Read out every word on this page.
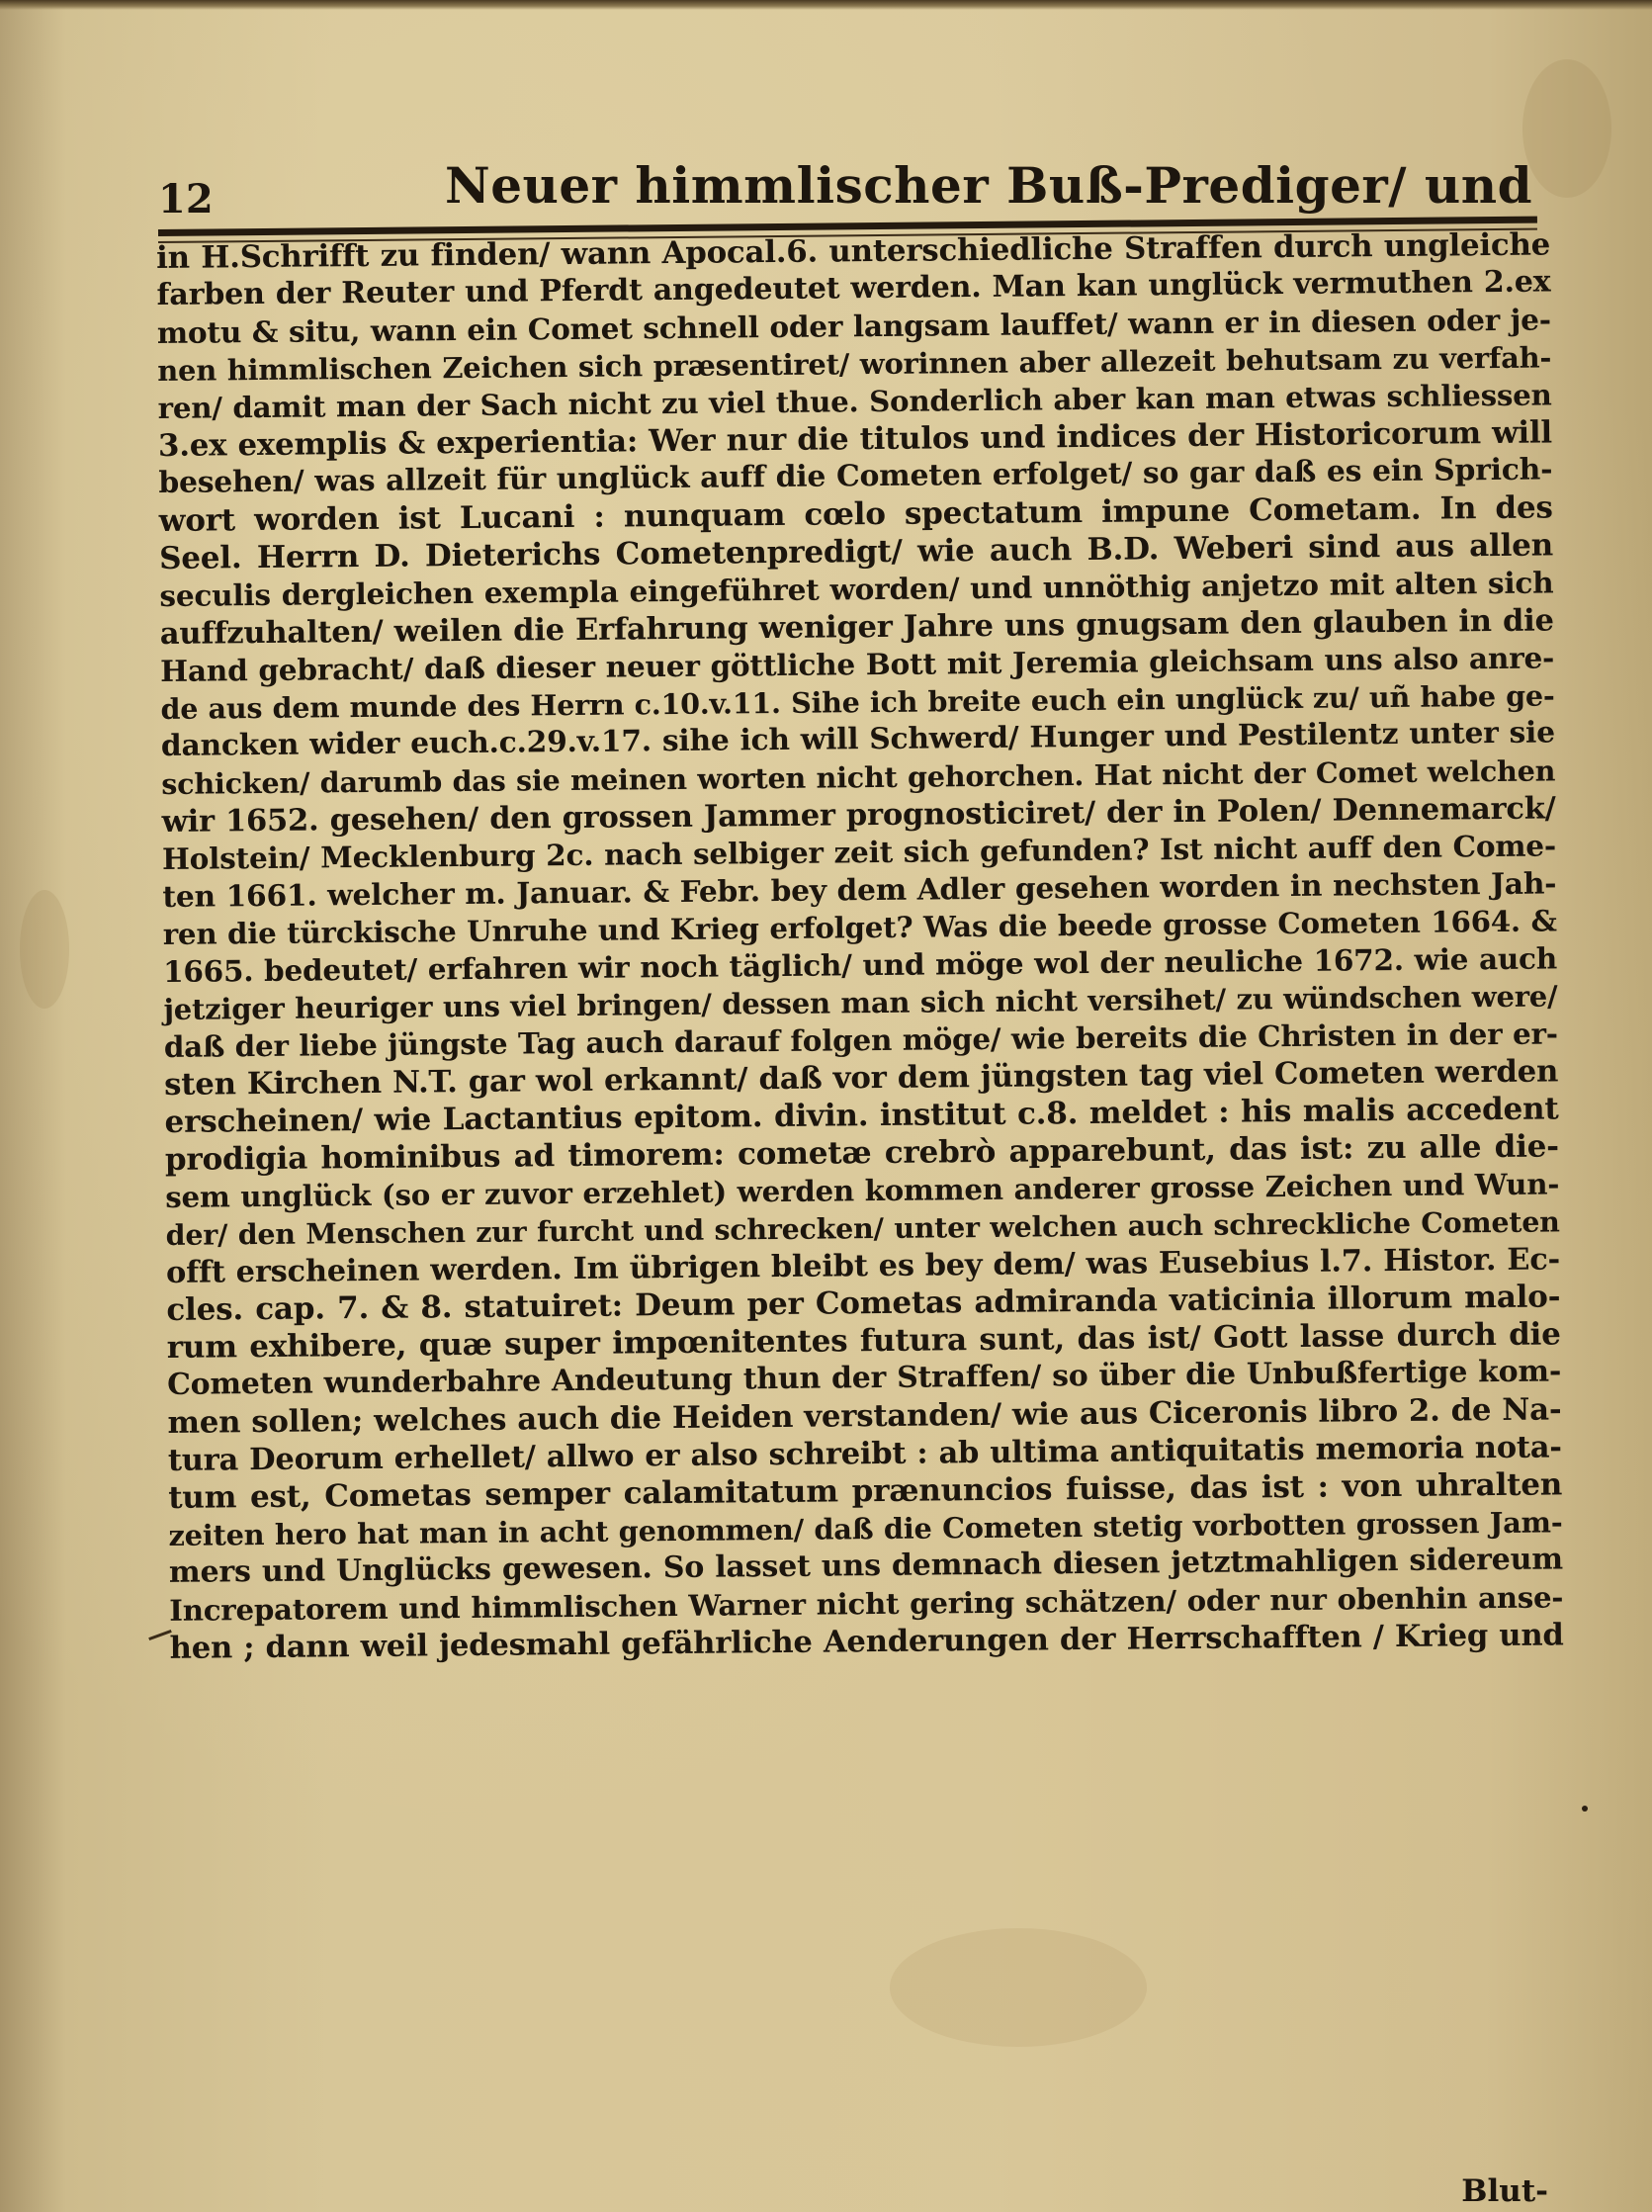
12	Neuer himmlischer Buß-Prediger/ und
in H.Schrifft zu finden/ wann Apocal.6. unterschiedliche Straffen durch ungleiche
farben der Reuter und Pferdt angedeutet werden. Man kan unglück vermuthen 2.ex
motu & situ, wann ein Comet schnell oder langsam lauffet/ wann er in diesen oder je-
nen himmlischen Zeichen sich præsentiret/ worinnen aber allezeit behutsam zu verfah-
ren/ damit man der Sach nicht zu viel thue. Sonderlich aber kan man etwas schliessen
3.ex exemplis & experientia: Wer nur die titulos und indices der Historicorum will
besehen/ was allzeit für unglück auff die Cometen erfolget/ so gar daß es ein Sprich-
wort worden ist Lucani : nunquam cœlo spectatum impune Cometam. In des
Seel. Herrn D. Dieterichs Cometenpredigt/ wie auch B.D. Weberi sind aus allen
seculis dergleichen exempla eingeführet worden/ und unnöthig anjetzo mit alten sich
auffzuhalten/ weilen die Erfahrung weniger Jahre uns gnugsam den glauben in die
Hand gebracht/ daß dieser neuer göttliche Bott mit Jeremia gleichsam uns also anre-
de aus dem munde des Herrn c.10.v.11. Sihe ich breite euch ein unglück zu/ uñ habe ge-
dancken wider euch.c.29.v.17. sihe ich will Schwerd/ Hunger und Pestilentz unter sie
schicken/ darumb das sie meinen worten nicht gehorchen. Hat nicht der Comet welchen
wir 1652. gesehen/ den grossen Jammer prognosticiret/ der in Polen/ Dennemarck/
Holstein/ Mecklenburg 2c. nach selbiger zeit sich gefunden? Ist nicht auff den Come-
ten 1661. welcher m. Januar. & Febr. bey dem Adler gesehen worden in nechsten Jah-
ren die türckische Unruhe und Krieg erfolget? Was die beede grosse Cometen 1664. &
1665. bedeutet/ erfahren wir noch täglich/ und möge wol der neuliche 1672. wie auch
jetziger heuriger uns viel bringen/ dessen man sich nicht versihet/ zu wündschen were/
daß der liebe jüngste Tag auch darauf folgen möge/ wie bereits die Christen in der er-
sten Kirchen N.T. gar wol erkannt/ daß vor dem jüngsten tag viel Cometen werden
erscheinen/ wie Lactantius epitom. divin. institut c.8. meldet : his malis accedent
prodigia hominibus ad timorem: cometæ crebrò apparebunt, das ist: zu alle die-
sem unglück (so er zuvor erzehlet) werden kommen anderer grosse Zeichen und Wun-
der/ den Menschen zur furcht und schrecken/ unter welchen auch schreckliche Cometen
offt erscheinen werden. Im übrigen bleibt es bey dem/ was Eusebius l.7. Histor. Ec-
cles. cap. 7. & 8. statuiret: Deum per Cometas admiranda vaticinia illorum malo-
rum exhibere, quæ super impœnitentes futura sunt, das ist/ Gott lasse durch die
Cometen wunderbahre Andeutung thun der Straffen/ so über die Unbußfertige kom-
men sollen; welches auch die Heiden verstanden/ wie aus Ciceronis libro 2. de Na-
tura Deorum erhellet/ allwo er also schreibt : ab ultima antiquitatis memoria nota-
tum est, Cometas semper calamitatum prænuncios fuisse, das ist : von uhralten
zeiten hero hat man in acht genommen/ daß die Cometen stetig vorbotten grossen Jam-
mers und Unglücks gewesen. So lasset uns demnach diesen jetztmahligen sidereum
Increpatorem und himmlischen Warner nicht gering schätzen/ oder nur obenhin anse-
hen ; dann weil jedesmahl gefährliche Aenderungen der Herrschafften / Krieg und
Blut-
